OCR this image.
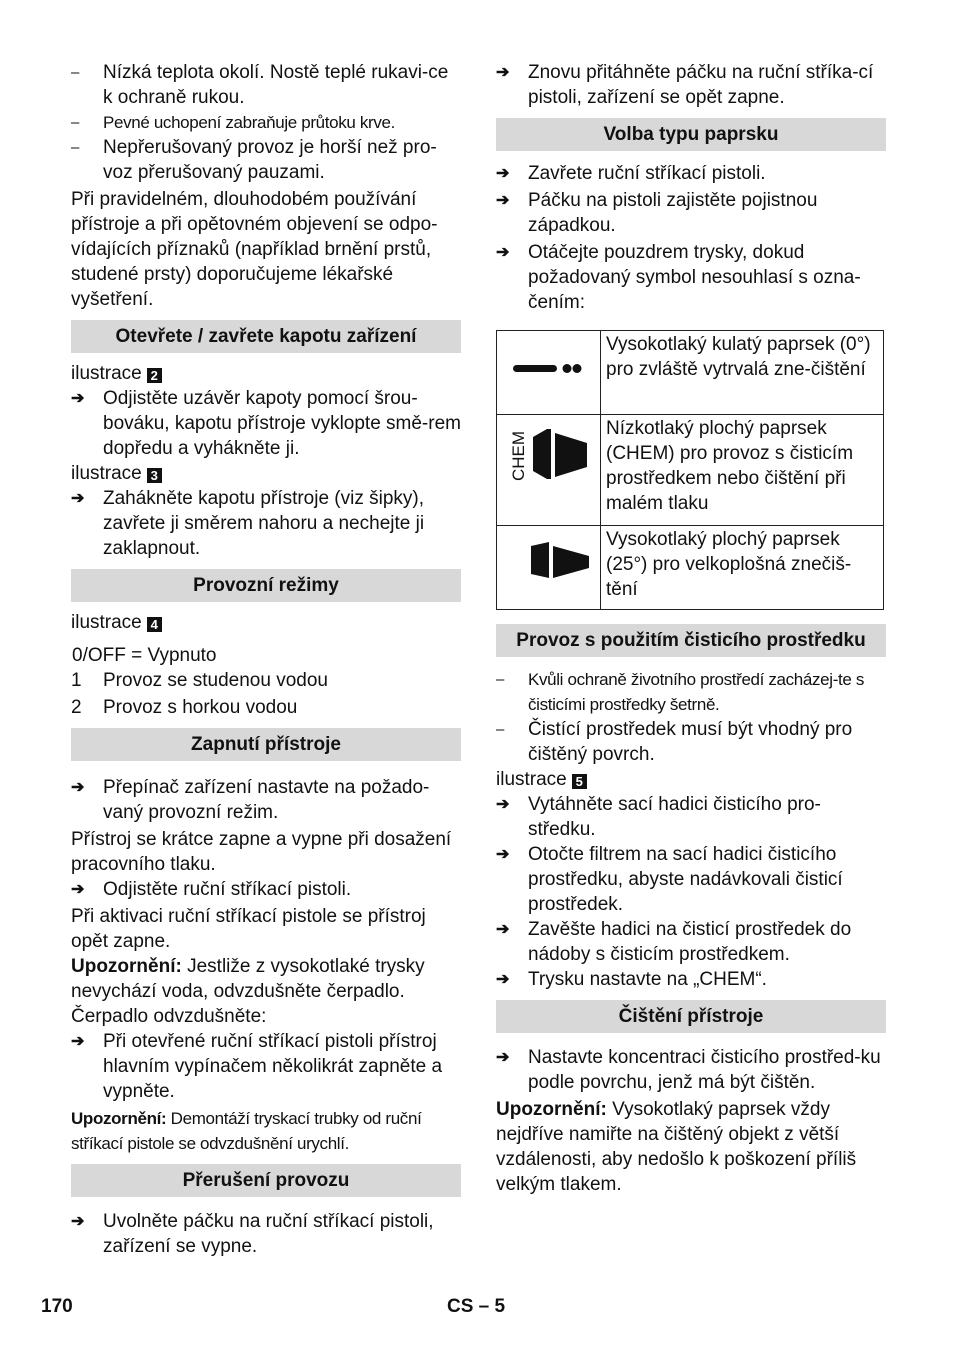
–	Nízká teplota okolí. Nostě teplé rukavi-ce k ochraně rukou.
–	Pevné uchopení zabraňuje průtoku krve.
–	Nepřerušovaný provoz je horší než pro-voz přerušovaný pauzami.
Při pravidelném, dlouhodobém používání přístroje a při opětovném objevení se odpo-vídajících příznaků (například brnění prstů, studené prsty) doporučujeme lékařské vyšetření.
Otevřete / zavřete kapotu zařízení
ilustrace 2
➔ Odjistěte uzávěr kapoty pomocí šrou-bováku, kapotu přístroje vyklopte smě-rem dopředu a vyhákněte ji.
ilustrace 3
➔ Zahákněte kapotu přístroje (viz šipky), zavřete ji směrem nahoru a nechejte ji zaklapnout.
Provozní režimy
ilustrace 4
0/OFF = Vypnuto
1	Provoz se studenou vodou
2	Provoz s horkou vodou
Zapnutí přístroje
➔ Přepínač zařízení nastavte na požado-vaný provozní režim.
Přístroj se krátce zapne a vypne při dosažení pracovního tlaku.
➔ Odjistěte ruční stříkací pistoli.
Při aktivaci ruční stříkací pistole se přístroj opět zapne.
Upozornění: Jestliže z vysokotlaké trysky nevychází voda, odvzdušněte čerpadlo.
Čerpadlo odvzdušněte:
➔ Při otevřené ruční stříkací pistoli přístroj hlavním vypínačem několikrát zapněte a vypněte.
Upozornění: Demontáží tryskací trubky od ruční stříkací pistole se odvzdušnění urychlí.
Přerušení provozu
➔ Uvolněte páčku na ruční stříkací pistoli, zařízení se vypne.
➔ Znovu přitáhněte páčku na ruční stříka-cí pistoli, zařízení se opět zapne.
Volba typu paprsku
➔ Zavřete ruční stříkací pistoli.
➔ Páčku na pistoli zajistěte pojistnou západkou.
➔ Otáčejte pouzdrem trysky, dokud požadovaný symbol nesouhlasí s ozna-čením:
	Vysokotlaký kulatý paprsek (0°) pro zvláště vytrvalá zne-čištění

CHEM	Nízkotlaký plochý paprsek (CHEM) pro provoz s čisticím prostředkem nebo čištění při malém tlaku
	Vysokotlaký plochý paprsek (25°) pro velkoplošná znečiš-tění
Provoz s použitím čisticího prostředku
–	Kvůli ochraně životního prostředí zacházej-te s čisticími prostředky šetrně.
–	Čistící prostředek musí být vhodný pro čištěný povrch.
ilustrace 5
➔ Vytáhněte sací hadici čisticího pro-středku.
➔ Otočte filtrem na sací hadici čisticího prostředku, abyste nadávkovali čisticí prostředek.
➔ Zavěšte hadici na čisticí prostředek do nádoby s čisticím prostředkem.
➔ Trysku nastavte na „CHEM“.
Čištění přístroje
➔ Nastavte koncentraci čisticího prostřed-ku podle povrchu, jenž má být čištěn.
Upozornění: Vysokotlaký paprsek vždy nejdříve namiřte na čištěný objekt z větší vzdálenosti, aby nedošlo k poškození příliš velkým tlakem.
170	CS – 5
